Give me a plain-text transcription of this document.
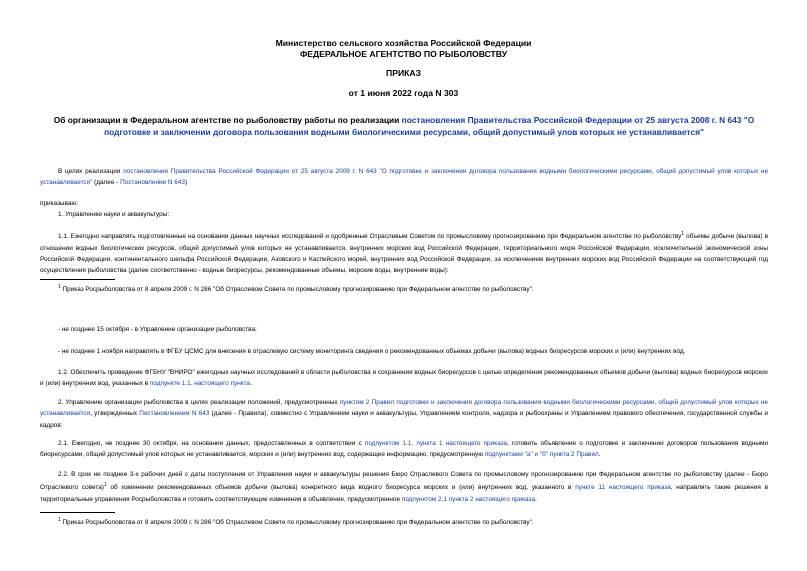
Министерство сельского хозяйства Российской Федерации
ФЕДЕРАЛЬНОЕ АГЕНТСТВО ПО РЫБОЛОВСТВУ
ПРИКАЗ
от 1 июня 2022 года N 303
Об организации в Федеральном агентстве по рыболовству работы по реализации постановления Правительства Российской Федерации от 25 августа 2008 г. N 643 "О подготовке и заключении договора пользования водными биологическими ресурсами, общий допустимый улов которых не устанавливается"
В целях реализации постановления Правительства Российской Федерации от 25 августа 2008 г. N 643 "О подготовке и заключении договора пользования водными биологическими ресурсами, общий допустимый улов которых не устанавливается" (далее - Постановление N 643)
приказываю:
1. Управлению науки и аквакультуры:
1.1. Ежегодно направлять подготовленные на основании данных научных исследований и одобренные Отраслевым Советом по промысловому прогнозированию при Федеральном агентстве по рыболовству$^1$ объемы добычи (вылова) в отношении водных биологических ресурсов, общий допустимый улов которых не устанавливается, внутренних морских вод Российской Федерации, территориального моря Российской Федерации, исключительной экономической зоны Российской Федерации, континентального шельфа Российской Федерации, Азовского и Каспийского морей, внутренних вод Российской Федерации, за исключением внутренних морских вод Российской Федерации на соответствующий год осуществления рыболовства (далее соответственно - водные биоресурсы, рекомендованные объемы, морские воды, внутренние воды):
$^1$ Приказ Росрыболовства от 8 апреля 2009 г. N 286 "Об Отраслевом Совете по промысловому прогнозированию при Федеральном агентстве по рыболовству".
- не позднее 15 октября - в Управление организации рыболовства;
- не позднее 1 ноября направлять в ФГБУ ЦСМС для внесения в отраслевую систему мониторинга сведения о рекомендованных объемах добычи (вылова) водных биоресурсов морских и (или) внутренних вод.
1.2. Обеспечить проведение ФГБНУ "ВНИРО" ежегодных научных исследований в области рыболовства и сохранения водных биоресурсов с целью определения рекомендованных объемов добычи (вылова) водных биоресурсов морских и (или) внутренних вод, указанных в подпункте 1.1. настоящего пункта.
2. Управлению организации рыболовства в целях реализации положений, предусмотренных пунктом 2 Правил подготовки и заключения договора пользования водными биологическими ресурсами, общий допустимый улов которых не устанавливается, утвержденных Постановлением N 643 (далее - Правила), совместно с Управлением науки и аквакультуры, Управлением контроля, надзора и рыбоохраны и Управлением правового обеспечения, государственной службы и кадров:
2.1. Ежегодно, не позднее 30 октября, на основании данных, предоставленных в соответствии с подпунктом 1.1. пункта 1 настоящего приказа, готовить объявление о подготовке и заключении договоров пользования водными биоресурсами, общий допустимый улов которых не устанавливается, морских и (или) внутренних вод, содержащее информацию, предусмотренную подпунктами "а" и "б" пункта 2 Правил.
2.2. В срок не позднее 3-х рабочих дней с даты поступления от Управления науки и аквакультуры решения Бюро Отраслевого Совета по промысловому прогнозированию при Федеральном агентстве по рыболовству (далее - Бюро Отраслевого совета)$^1$ об изменении рекомендованных объемов добычи (вылова) конкретного вида водного биоресурса морских и (или) внутренних вод, указанного в пункте 11 настоящего приказа, направлять такие решения в территориальные управления Росрыболовства и готовить соответствующие изменения в объявление, предусмотренное подпунктом 2.1 пункта 2 настоящего приказа.
$^1$ Приказ Росрыболовства от 8 апреля 2009 г. N 286 "Об Отраслевом Совете по промысловому прогнозированию при Федеральном агентстве по рыболовству".
